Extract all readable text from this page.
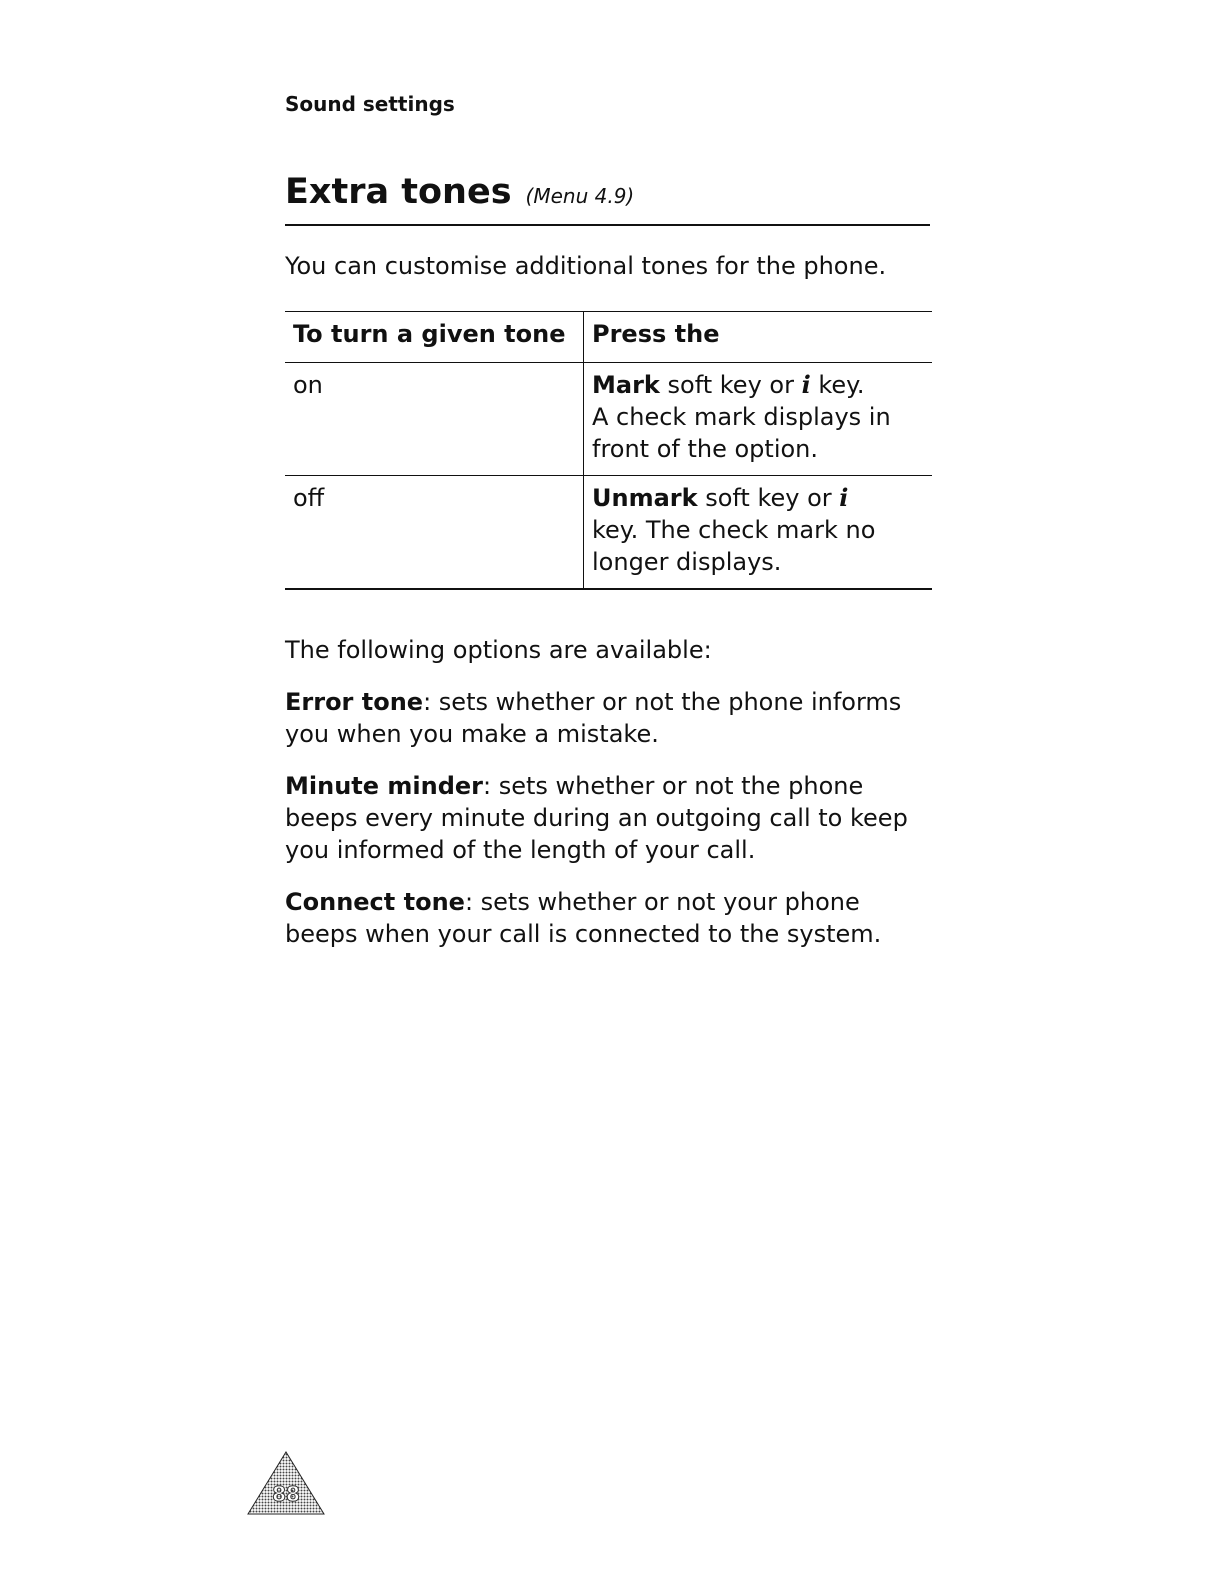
Sound settings
Extra tones (Menu 4.9)
You can customise additional tones for the phone.
To turn a given tone	Press the
on	Mark soft key or i key.
A check mark displays in
front of the option.
off	Unmark soft key or i
key. The check mark no
longer displays.

The following options are available:

Error tone: sets whether or not the phone informs you when you make a mistake.

Minute minder: sets whether or not the phone beeps every minute during an outgoing call to keep you informed of the length of your call.

Connect tone: sets whether or not your phone beeps when your call is connected to the system.

88
